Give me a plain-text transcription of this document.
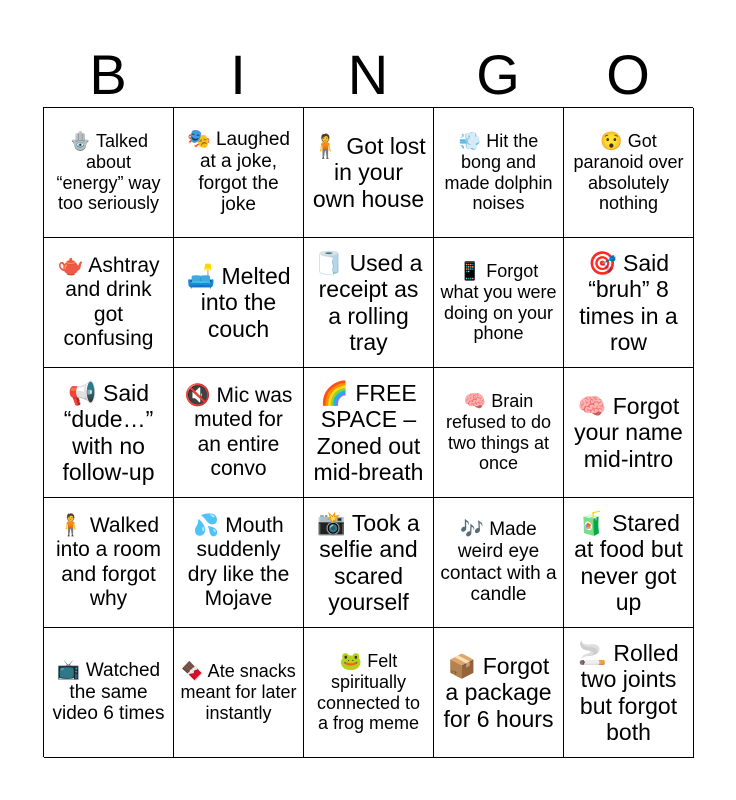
B	I	N	G	O
🪬 Talked about “energy” way too seriously
🎭 Laughed at a joke, forgot the joke
🧍 Got lost in your own house
💨 Hit the bong and made dolphin noises
😯 Got paranoid over absolutely nothing
🫖 Ashtray and drink got confusing
🛋️ Melted into the couch
🧻 Used a receipt as a rolling tray
📱 Forgot what you were doing on your phone
🎯 Said “bruh” 8 times in a row
📢 Said “dude…” with no follow-up
🔇 Mic was muted for an entire convo
🌈 FREE SPACE – Zoned out mid-breath
🧠 Brain refused to do two things at once
🧠 Forgot your name mid-intro
🧍 Walked into a room and forgot why
💦 Mouth suddenly dry like the Mojave
📸 Took a selfie and scared yourself
🎶 Made weird eye contact with a candle
🧃 Stared at food but never got up
📺 Watched the same video 6 times
🍫 Ate snacks meant for later instantly
🐸 Felt spiritually connected to a frog meme
📦 Forgot a package for 6 hours
🚬 Rolled two joints but forgot both
